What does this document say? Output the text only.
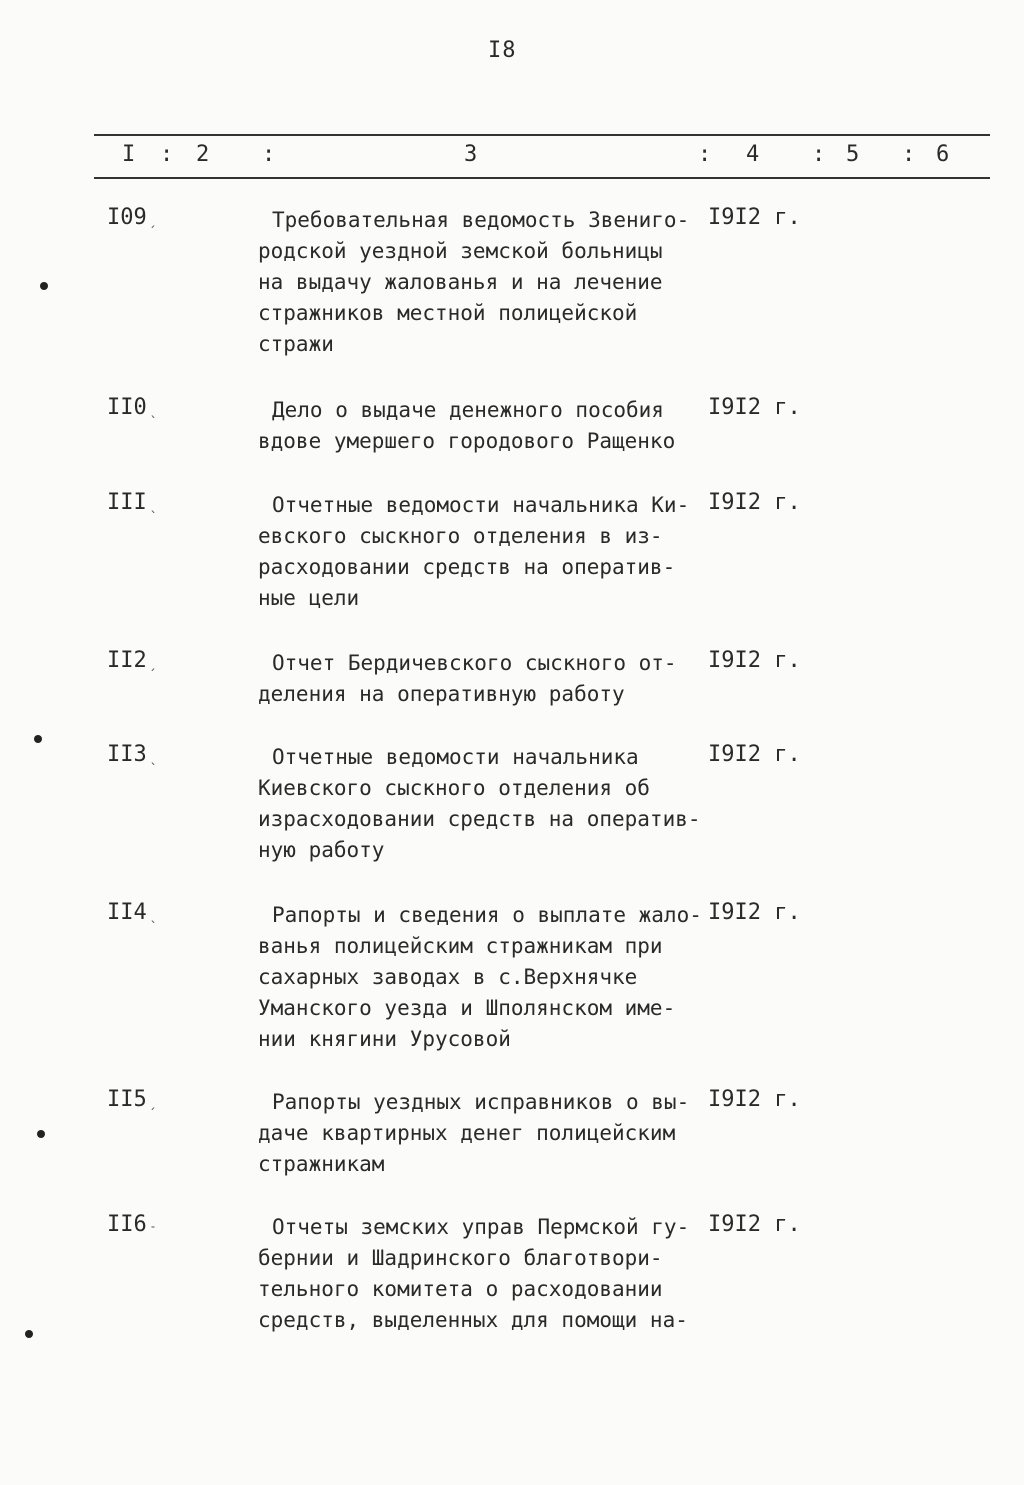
I8
I : 2 :	3	: 4 : 5 : 6
I09 ˏ	Требовательная ведомость Звениго-
родской уездной земской больницы
на выдачу жалованья и на лечение
стражников местной полицейской
стражи
I9I2 г.
II0 ˎ	Дело о выдаче денежного пособия
вдове умершего городового Ращенко
I9I2 г.
III ˎ	Отчетные ведомости начальника Ки-
евского сыскного отделения в из-
расходовании средств на оператив-
ные цели
I9I2 г.
II2 ˏ	Отчет Бердичевского сыскного от-
деления на оперативную работу
I9I2 г.
II3 ˎ	Отчетные ведомости начальника
Киевского сыскного отделения об
израсходовании средств на оператив-
ную работу
I9I2 г.
II4 ˎ	Рапорты и сведения о выплате жало-
ванья полицейским стражникам при
сахарных заводах в с.Верхнячке
Уманского уезда и Шполянском име-
нии княгини Урусовой
I9I2 г.
II5 ˏ	Рапорты уездных исправников о вы-
даче квартирных денег полицейским
стражникам
I9I2 г.
II6 ˗	Отчеты земских управ Пермской гу-
бернии и Шадринского благотвори-
тельного комитета о расходовании
средств, выделенных для помощи на-
I9I2 г.
